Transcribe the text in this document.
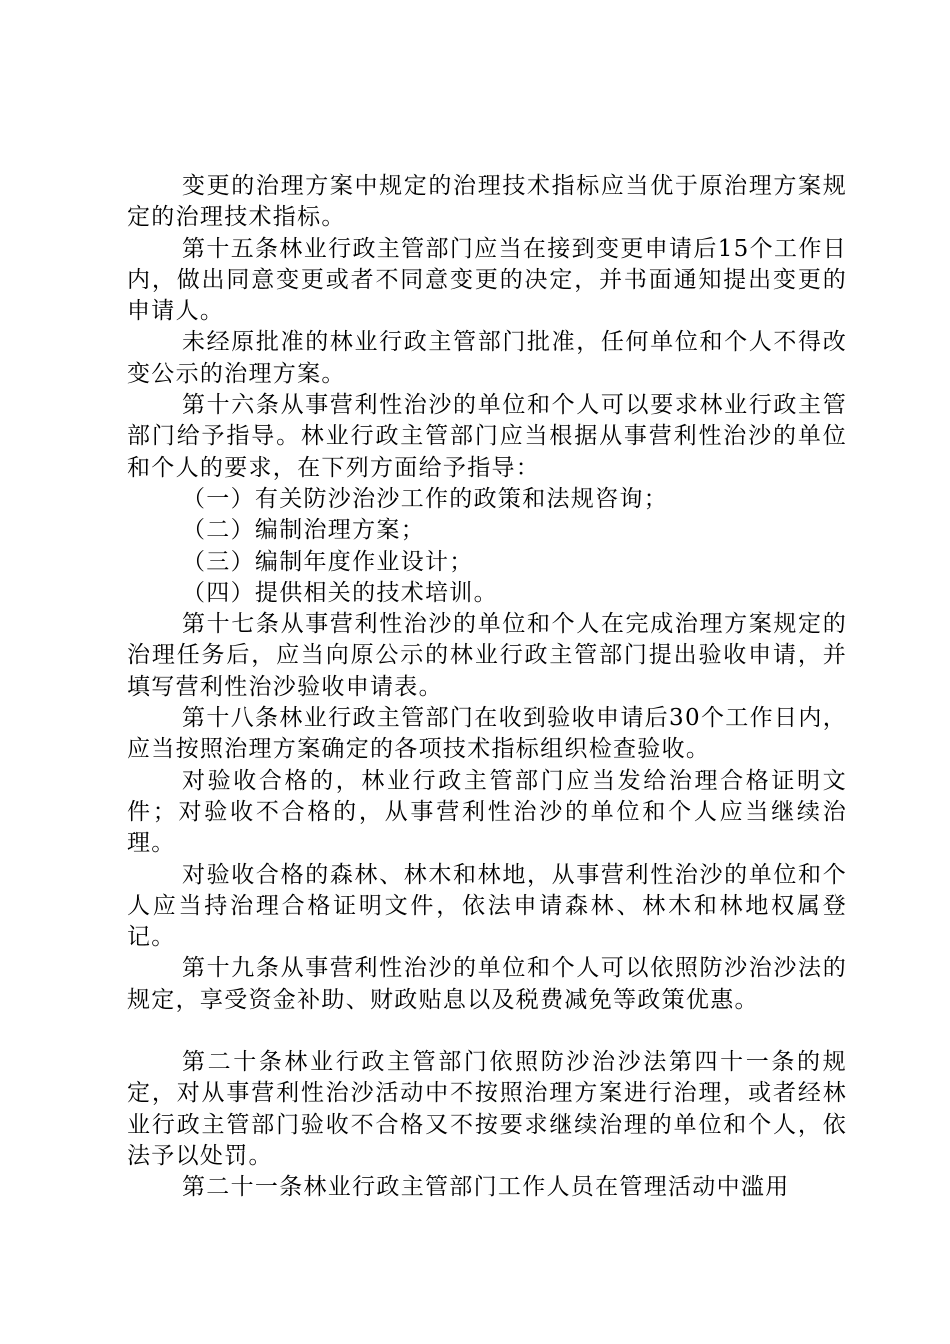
变更的治理方案中规定的治理技术指标应当优于原治理方案规定的治理技术指标。

第十五条林业行政主管部门应当在接到变更申请后15个工作日内，做出同意变更或者不同意变更的决定，并书面通知提出变更的申请人。

未经原批准的林业行政主管部门批准，任何单位和个人不得改变公示的治理方案。

第十六条从事营利性治沙的单位和个人可以要求林业行政主管部门给予指导。林业行政主管部门应当根据从事营利性治沙的单位和个人的要求，在下列方面给予指导：

（一）有关防沙治沙工作的政策和法规咨询；

（二）编制治理方案；

（三）编制年度作业设计；

（四）提供相关的技术培训。

第十七条从事营利性治沙的单位和个人在完成治理方案规定的治理任务后，应当向原公示的林业行政主管部门提出验收申请，并填写营利性治沙验收申请表。

第十八条林业行政主管部门在收到验收申请后30个工作日内，应当按照治理方案确定的各项技术指标组织检查验收。

对验收合格的，林业行政主管部门应当发给治理合格证明文件；对验收不合格的，从事营利性治沙的单位和个人应当继续治理。

对验收合格的森林、林木和林地，从事营利性治沙的单位和个人应当持治理合格证明文件，依法申请森林、林木和林地权属登记。

第十九条从事营利性治沙的单位和个人可以依照防沙治沙法的规定，享受资金补助、财政贴息以及税费减免等政策优惠。

第二十条林业行政主管部门依照防沙治沙法第四十一条的规定，对从事营利性治沙活动中不按照治理方案进行治理，或者经林业行政主管部门验收不合格又不按要求继续治理的单位和个人，依法予以处罚。

第二十一条林业行政主管部门工作人员在管理活动中滥用
